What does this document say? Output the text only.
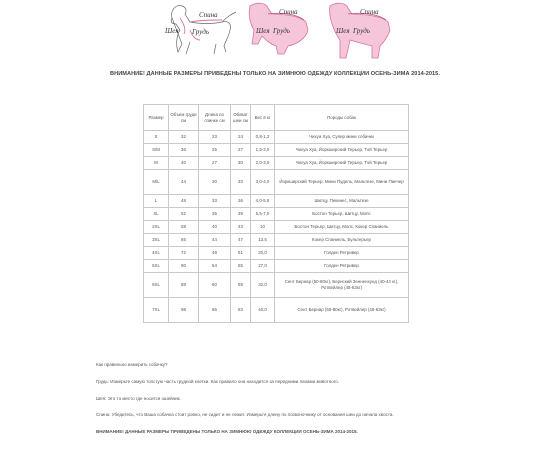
Спина
Шея Грудь
Спина
Шея Грудь
Спина
Шея Грудь
ВНИМАНИЕ! ДАННЫЕ РАЗМЕРЫ ПРИВЕДЕНЫ ТОЛЬКО НА ЗИМНЮЮ ОДЕЖДУ КОЛЛЕКЦИИ ОСЕНЬ-ЗИМА 2014-2015.
Размер	Объем груди см	Длина по спинке см	Обхват шеи см	Вес в кг	Породы собак
S	32	23	24	0,8-1,2	Чихуа Хуа, Супер мини собачки
S/M	36	25	27	1,5-2,0	Чихуа Хуа, Йоркширский Терьер, Той Терьер
M	40	27	30	2,0-3,0	Чихуа Хуа, Йоркширский Терьер, Той Терьер
M/L	44	30	33	3,0-4,0	Йоркширский Терьер, Мини Пудель, Мальтезе, Мини Пинчер
L	48	33	36	4,0-5,5	Шитцу, Пекинес, Мальтезе
XL	52	36	39	5,5-7,0	Бостон Терьер, Шитцу, Мопс
2XL	58	40	43	10	Бостон Терьер, Шитцу, Мопс, Кокер Спаниель
3XL	65	44	47	13,5	Кокер Спаниель, Бультерьер
4XL	72	48	51	20,0	Голден Ретривер
5XL	80	54	55	27,0	Голден Ретривер
6XL	88	60	59	32,0	Сент Бернар (50-80кг), Бернский Зенненхунд (40-44 кг), Ротвейлер (45-63кг)
7XL	98	66	63	40,0	Сент Бернар (50-80кг), Ротвейлер (45-63кг)
Как правильно измерить собачку?
Грудь: Измерьте самую толстую часть грудной клетки. Как правило она находится за передними лапами животного.
Шея: Это то место где носится ошейник.
Спина: Убедитесь, что Ваша собачка стоит ровно, не сидит и не лежит. Измерьте длину по позвоночнику от основания шеи до начала хвоста.
ВНИМАНИЕ! ДАННЫЕ РАЗМЕРЫ ПРИВЕДЕНЫ ТОЛЬКО НА ЗИМНЮЮ ОДЕЖДУ КОЛЛЕКЦИИ ОСЕНЬ-ЗИМА 2014-2015.
